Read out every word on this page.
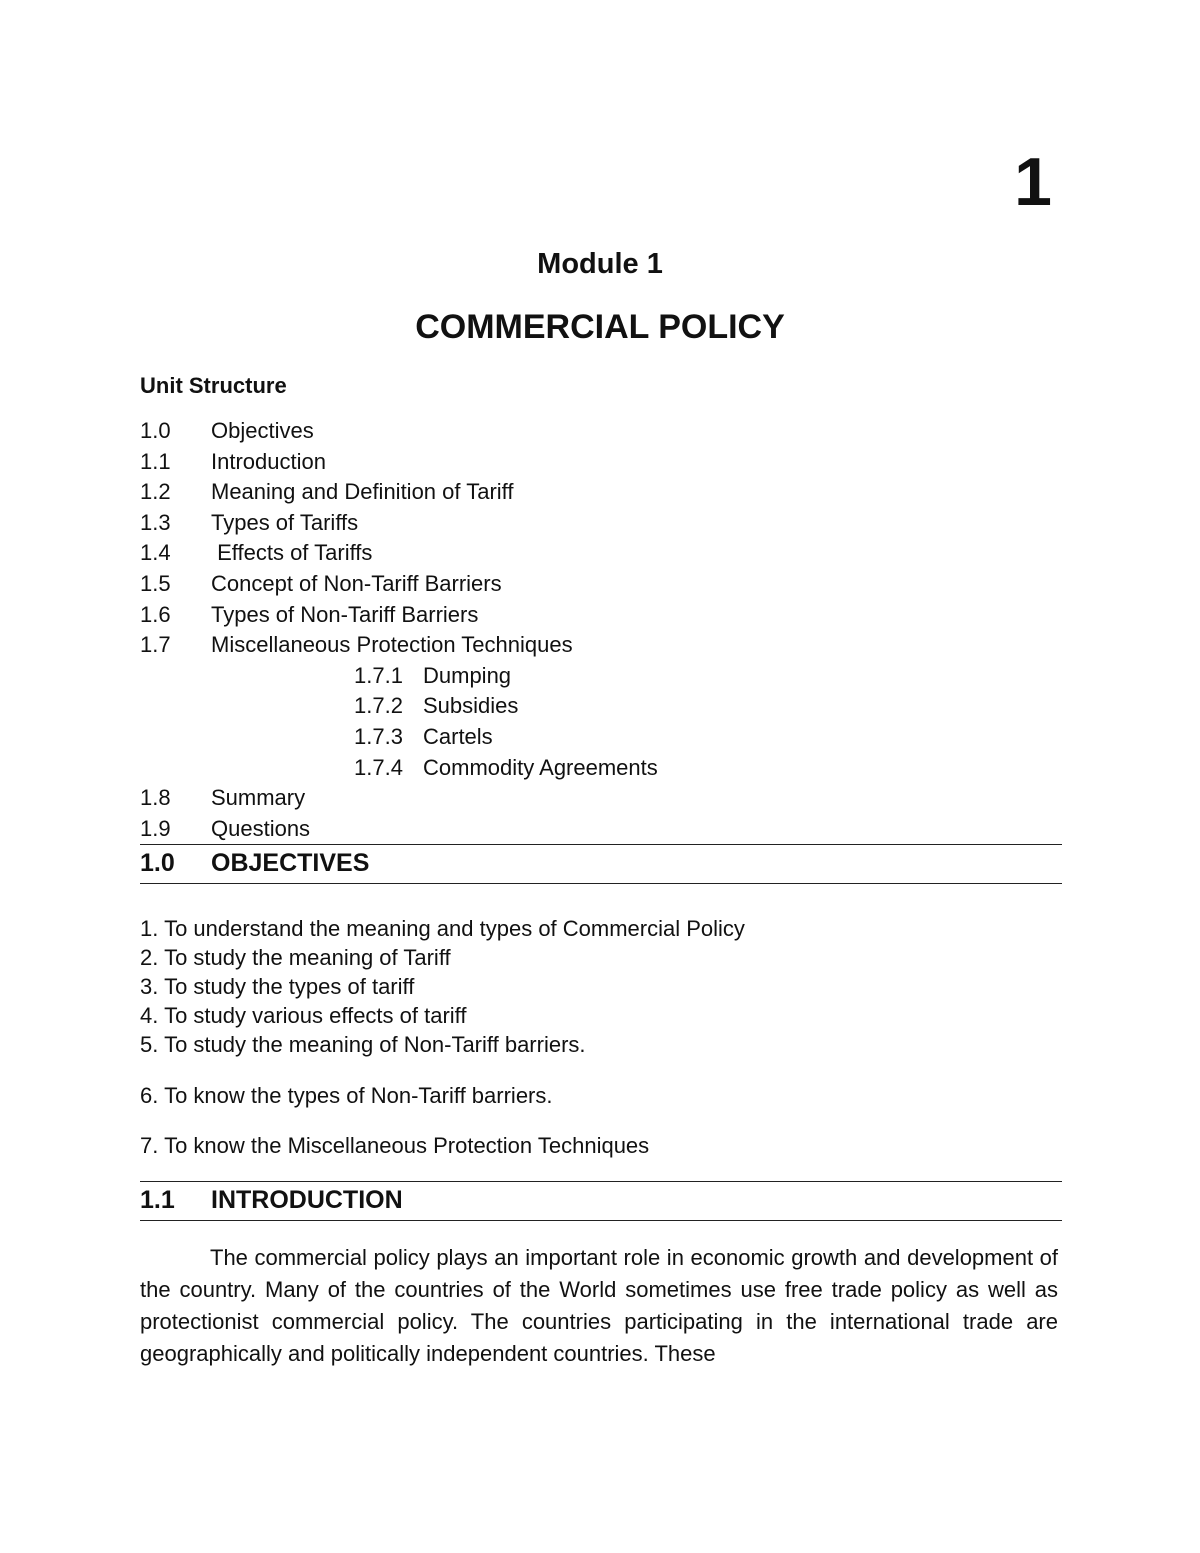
1
Module 1
COMMERCIAL POLICY
Unit Structure
1.0 Objectives
1.1 Introduction
1.2 Meaning and Definition of Tariff
1.3 Types of Tariffs
1.4 Effects of Tariffs
1.5 Concept of Non-Tariff Barriers
1.6 Types of Non-Tariff Barriers
1.7 Miscellaneous Protection Techniques
1.7.1 Dumping
1.7.2 Subsidies
1.7.3 Cartels
1.7.4 Commodity Agreements
1.8 Summary
1.9 Questions
1.0 OBJECTIVES
1. To understand the meaning and types of Commercial Policy
2. To study the meaning of Tariff
3. To study the types of tariff
4. To study various effects of tariff
5. To study the meaning of Non-Tariff barriers.
6. To know the types of Non-Tariff barriers.
7. To know the Miscellaneous Protection Techniques
1.1 INTRODUCTION
The commercial policy plays an important role in economic growth and development of the country. Many of the countries of the World sometimes use free trade policy as well as protectionist commercial policy. The countries participating in the international trade are geographically and politically independent countries. These
